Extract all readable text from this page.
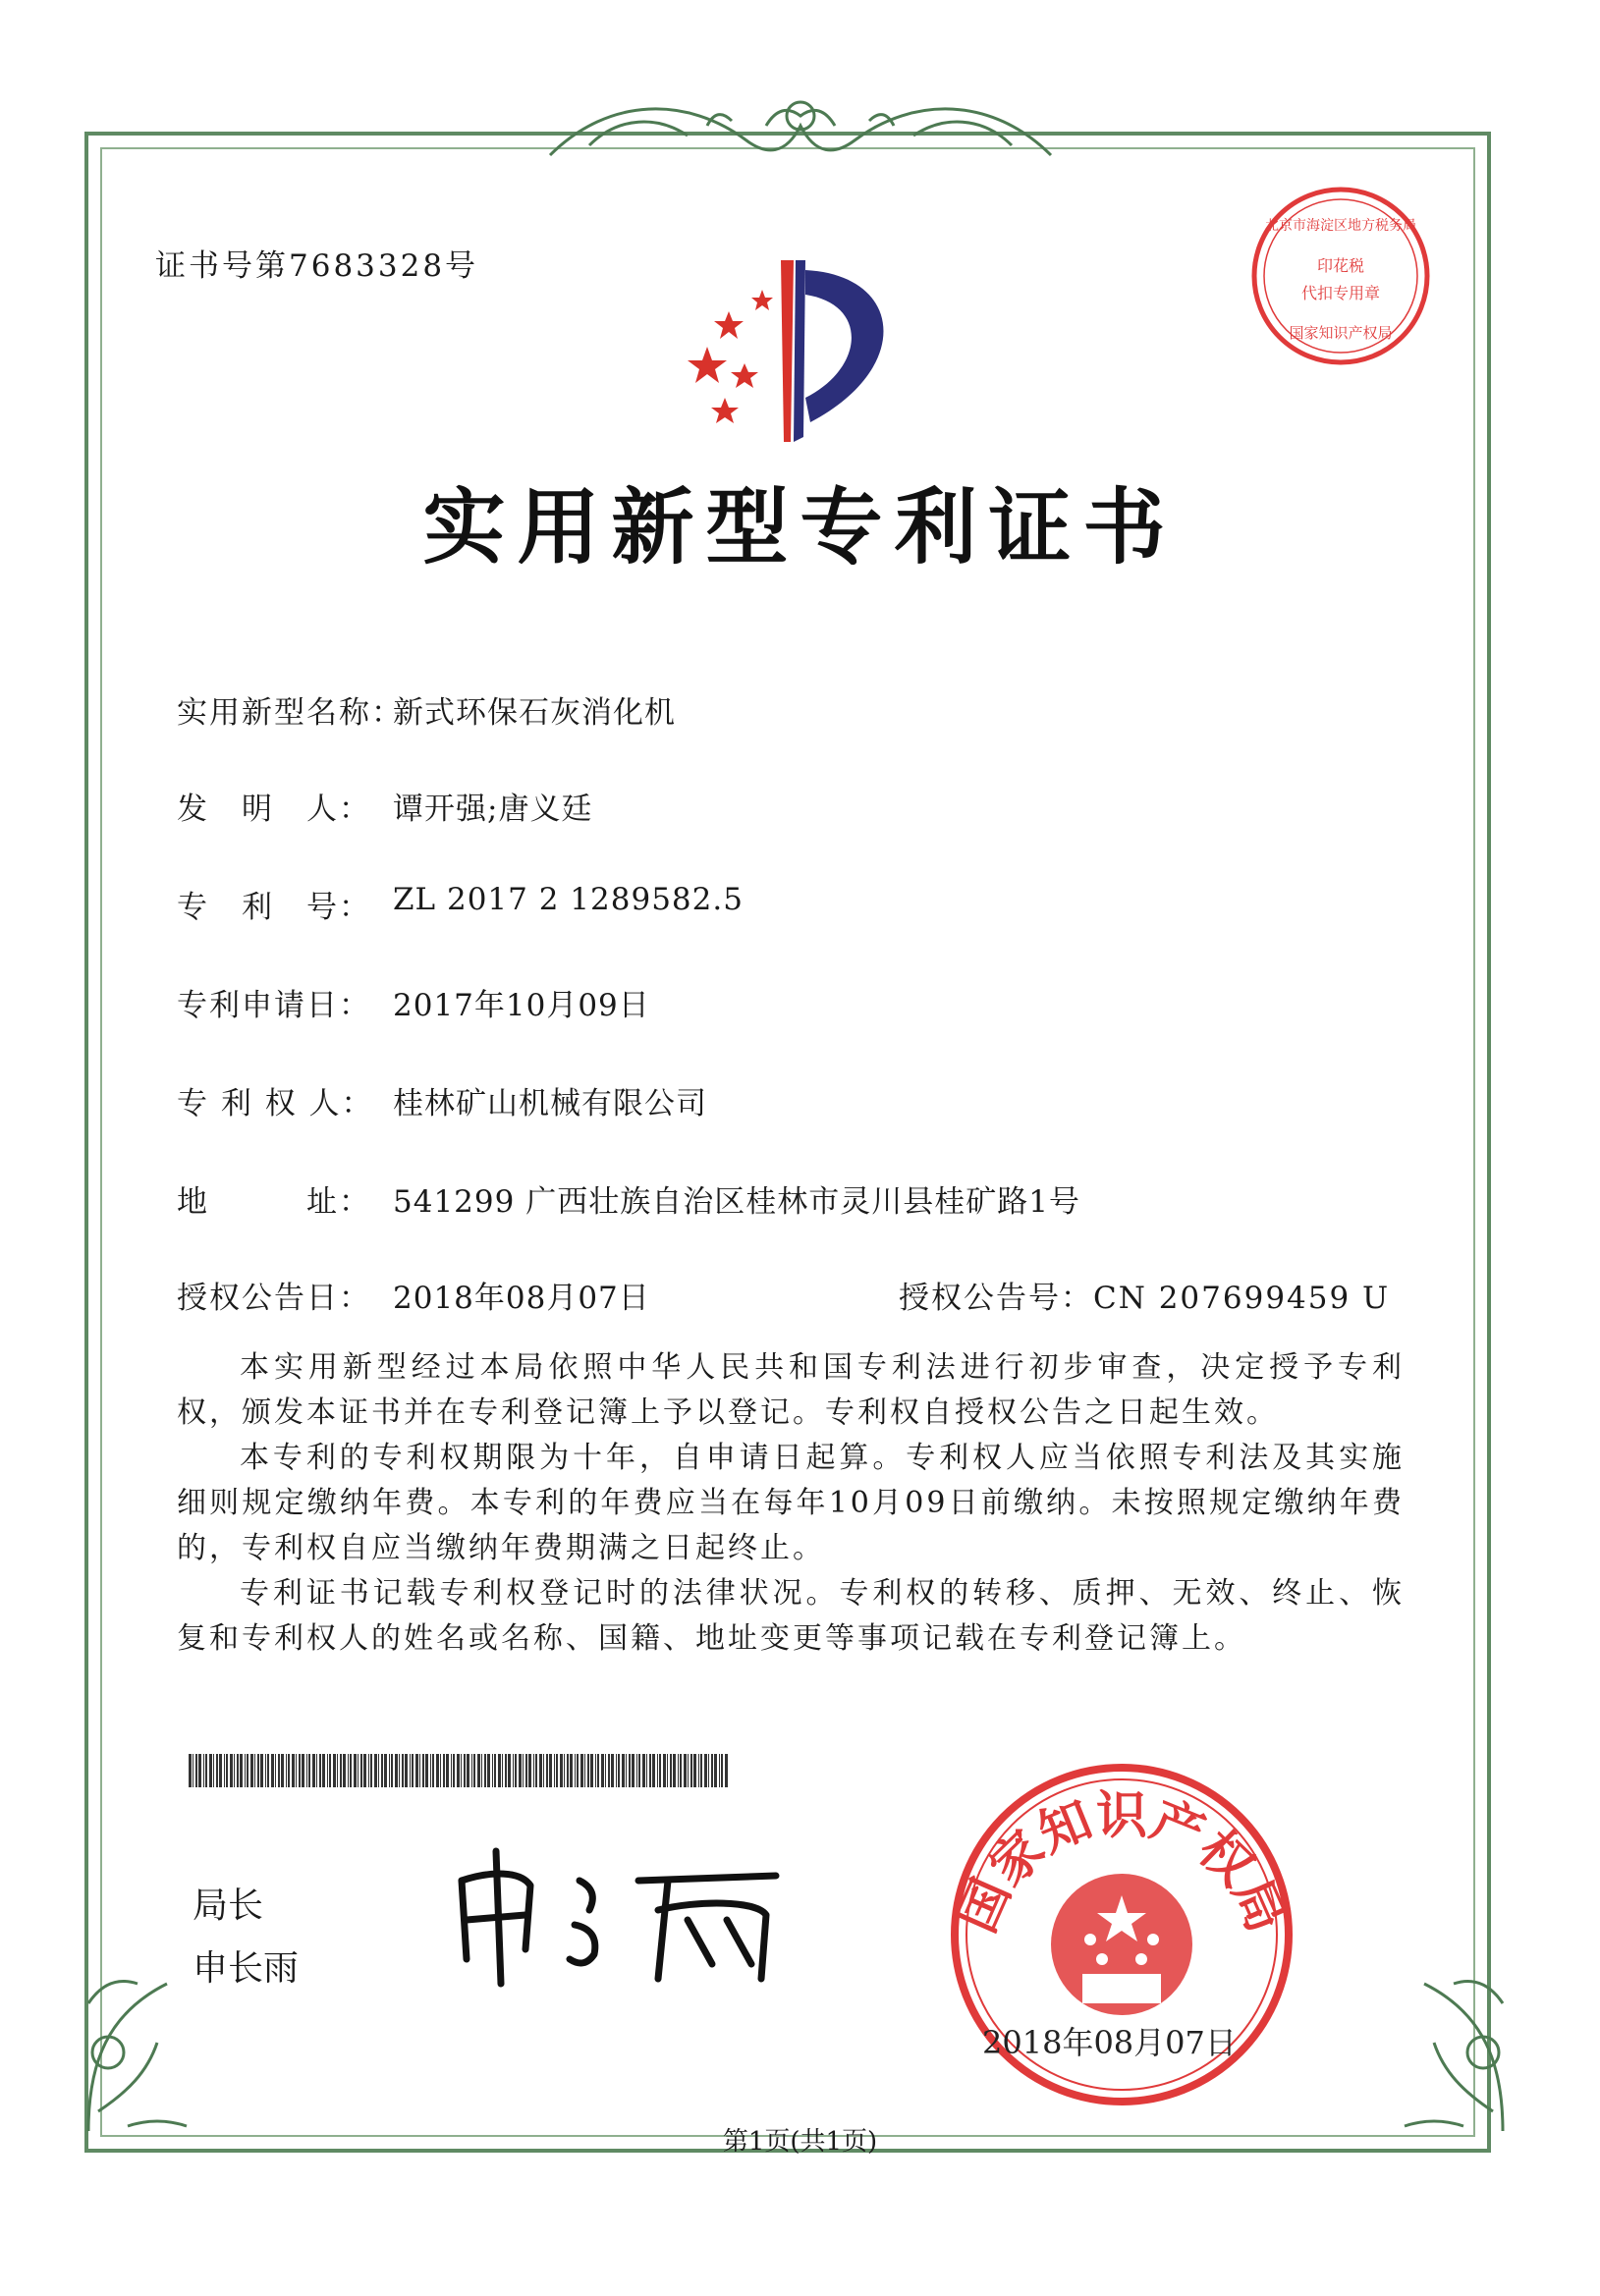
证书号第7683328号
北京市海淀区地方税务局
印花税
代扣专用章
国家知识产权局
实用新型专利证书
实用新型名称：
新式环保石灰消化机
发　明　人： 谭开强;唐义廷
专　利　号： ZL 2017 2 1289582.5
专利申请日： 2017年10月09日
专 利 权 人： 桂林矿山机械有限公司
地　　　址： 541299 广西壮族自治区桂林市灵川县桂矿路1号
授权公告日： 2018年08月07日	授权公告号：CN 207699459 U
本实用新型经过本局依照中华人民共和国专利法进行初步审查，决定授予专利权，颁发本证书并在专利登记簿上予以登记。专利权自授权公告之日起生效。
本专利的专利权期限为十年，自申请日起算。专利权人应当依照专利法及其实施细则规定缴纳年费。本专利的年费应当在每年10月09日前缴纳。未按照规定缴纳年费的，专利权自应当缴纳年费期满之日起终止。
专利证书记载专利权登记时的法律状况。专利权的转移、质押、无效、终止、恢复和专利权人的姓名或名称、国籍、地址变更等事项记载在专利登记簿上。
局长
申长雨
国家知识产权局
2018年08月07日
第1页(共1页)
